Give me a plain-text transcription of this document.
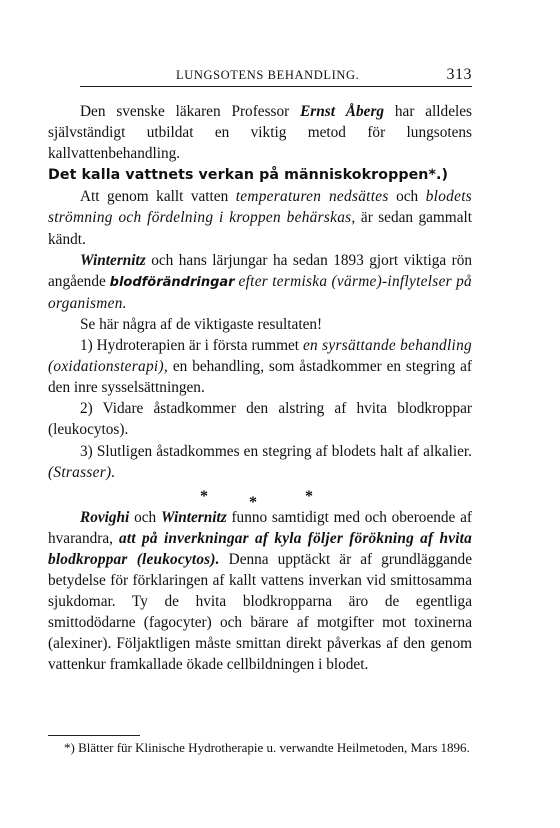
LUNGSOTENS BEHANDLING.	313

Den svenske läkaren Professor Ernst Åberg har alldeles självständigt utbildat en viktig metod för lungsotens kallvattenbehandling.

Det kalla vattnets verkan på människokroppen*.)

Att genom kallt vatten temperaturen nedsättes och blodets strömning och fördelning i kroppen behärskas, är sedan gammalt kändt.

Winternitz och hans lärjungar ha sedan 1893 gjort viktiga rön angående blodförändringar efter termiska (värme)-inflytelser på organismen.

Se här några af de viktigaste resultaten!

1) Hydroterapien är i första rummet en syrsättande behandling (oxidationsterapi), en behandling, som åstadkommer en stegring af den inre sysselsättningen.

2) Vidare åstadkommer den alstring af hvita blodkroppar (leukocytos).

3) Slutligen åstadkommes en stegring af blodets halt af alkalier. (Strasser).

*	*	*

Rovighi och Winternitz funno samtidigt med och oberoende af hvarandra, att på inverkningar af kyla följer förökning af hvita blodkroppar (leukocytos). Denna upptäckt är af grundläggande betydelse för förklaringen af kallt vattens inverkan vid smittosamma sjukdomar. Ty de hvita blodkropparna äro de egentliga smittodödarne (fagocyter) och bärare af motgifter mot toxinerna (alexiner). Följaktligen måste smittan direkt påverkas af den genom vattenkur framkallade ökade cellbildningen i blodet.

*) Blätter für Klinische Hydrotherapie u. verwandte Heilmetoden, Mars 1896.
